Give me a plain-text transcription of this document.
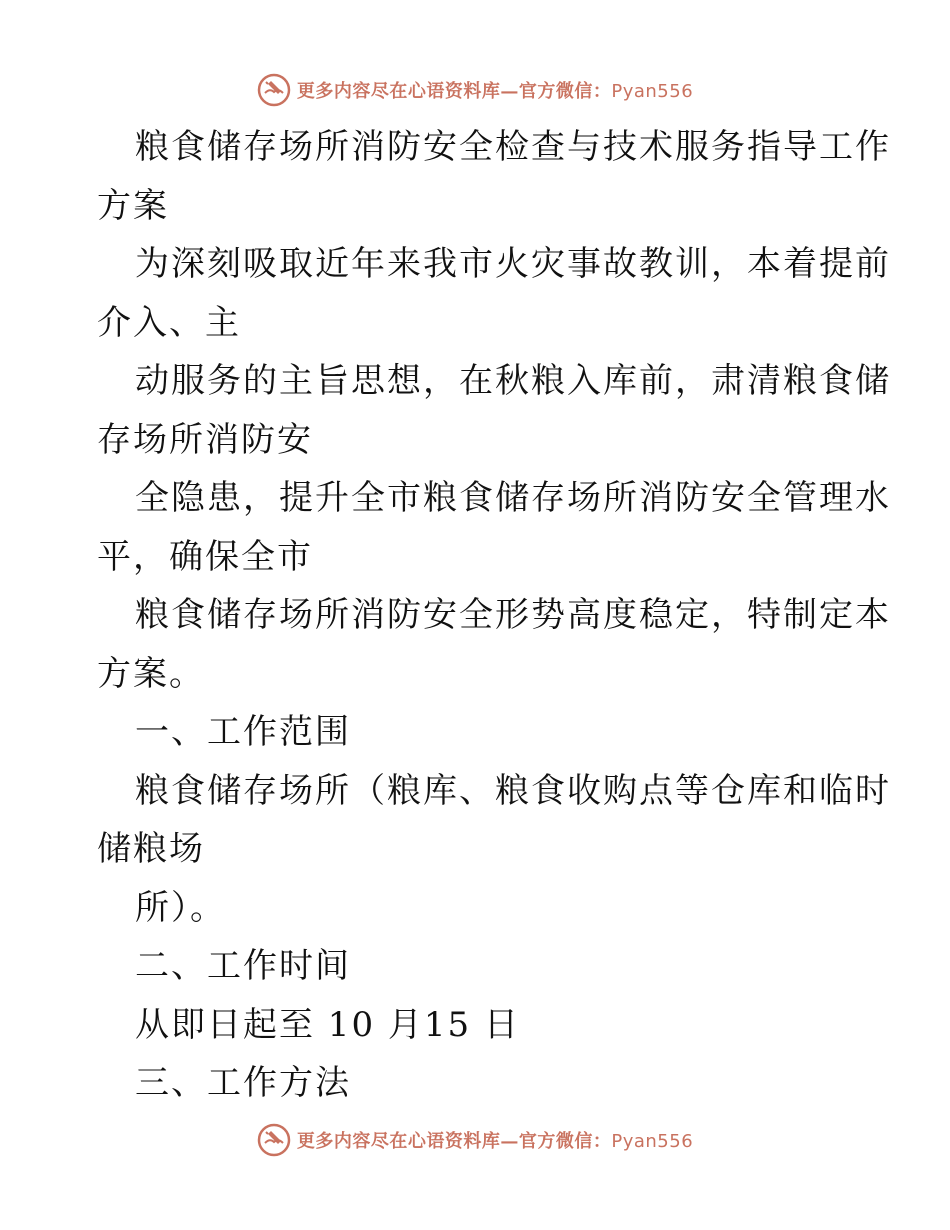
更多内容尽在心语资料库—官方微信：Pyan556
粮食储存场所消防安全检查与技术服务指导工作
方案
为深刻吸取近年来我市火灾事故教训，本着提前
介入、主
动服务的主旨思想，在秋粮入库前，肃清粮食储
存场所消防安
全隐患，提升全市粮食储存场所消防安全管理水
平，确保全市
粮食储存场所消防安全形势高度稳定，特制定本
方案。
一、工作范围
粮食储存场所（粮库、粮食收购点等仓库和临时
储粮场
所）。
二、工作时间
从即日起至 10 月15 日
三、工作方法
更多内容尽在心语资料库—官方微信：Pyan556
